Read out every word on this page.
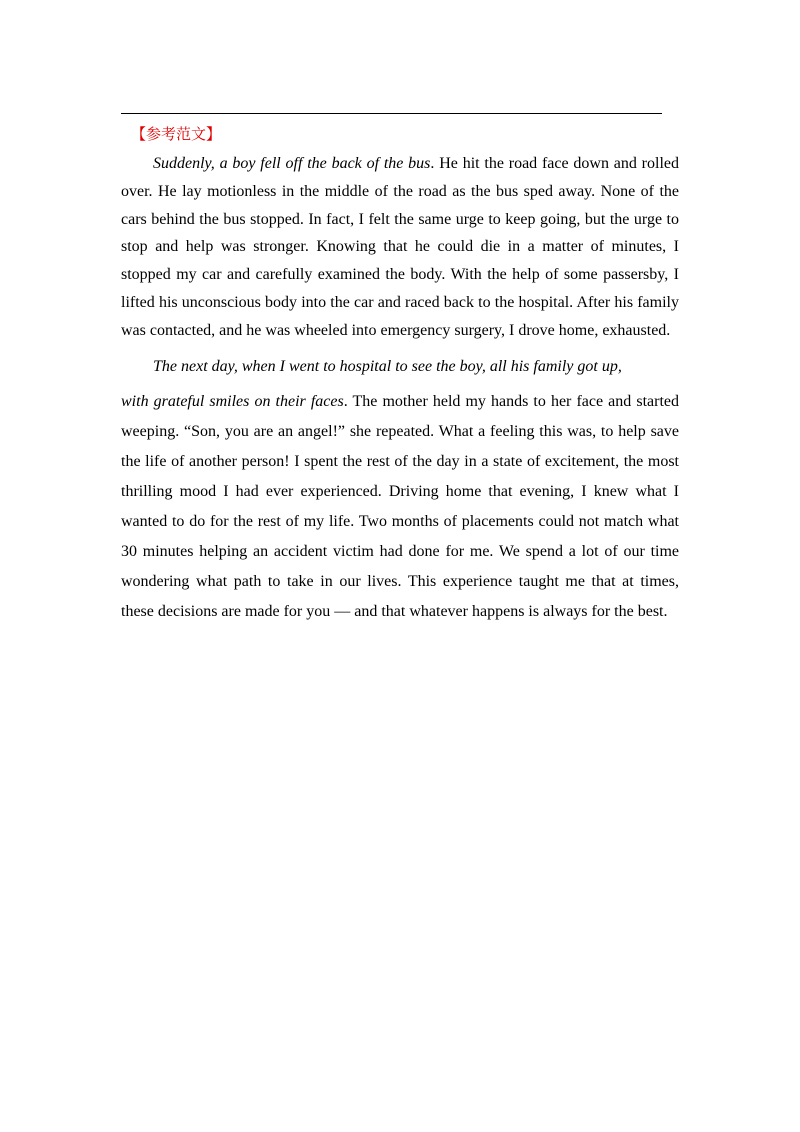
【参考范文】

Suddenly, a boy fell off the back of the bus. He hit the road face down and rolled over. He lay motionless in the middle of the road as the bus sped away. None of the cars behind the bus stopped. In fact, I felt the same urge to keep going, but the urge to stop and help was stronger. Knowing that he could die in a matter of minutes, I stopped my car and carefully examined the body. With the help of some passersby, I lifted his unconscious body into the car and raced back to the hospital. After his family was contacted, and he was wheeled into emergency surgery, I drove home, exhausted.

The next day, when I went to hospital to see the boy, all his family got up,
with grateful smiles on their faces. The mother held my hands to her face and started weeping. “Son, you are an angel!” she repeated. What a feeling this was, to help save the life of another person! I spent the rest of the day in a state of excitement, the most thrilling mood I had ever experienced. Driving home that evening, I knew what I wanted to do for the rest of my life. Two months of placements could not match what 30 minutes helping an accident victim had done for me. We spend a lot of our time wondering what path to take in our lives. This experience taught me that at times, these decisions are made for you — and that whatever happens is always for the best.
